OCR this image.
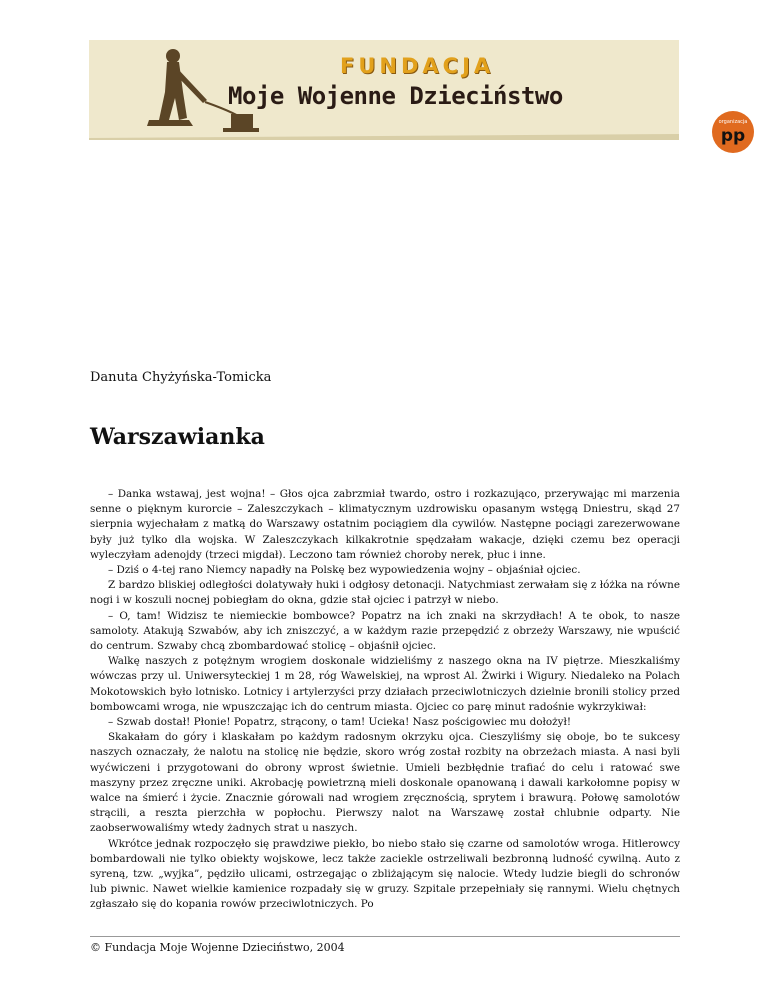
organizacja
pp
FUNDACJA
Moje Wojenne Dzieciństwo
Danuta Chyżyńska-Tomicka
Warszawianka

– Danka wstawaj, jest wojna! – Głos ojca zabrzmiał twardo, ostro i rozkazująco, przerywając mi marzenia senne o pięknym kurorcie – Zaleszczykach – klimatycznym uzdrowisku opasanym wstęgą Dniestru, skąd 27 sierpnia wyjechałam z matką do Warszawy ostatnim pociągiem dla cywilów. Następne pociągi zarezerwowane były już tylko dla wojska. W Zaleszczykach kilkakrotnie spędzałam wakacje, dzięki czemu bez operacji wyleczyłam adenojdy (trzeci migdał). Leczono tam również choroby nerek, płuc i inne.

– Dziś o 4-tej rano Niemcy napadły na Polskę bez wypowiedzenia wojny – objaśniał ojciec.

Z bardzo bliskiej odległości dolatywały huki i odgłosy detonacji. Natychmiast zerwałam się z łóżka na równe nogi i w koszuli nocnej pobiegłam do okna, gdzie stał ojciec i patrzył w niebo.

– O, tam! Widzisz te niemieckie bombowce? Popatrz na ich znaki na skrzydłach! A te obok, to nasze samoloty. Atakują Szwabów, aby ich zniszczyć, a w każdym razie przepędzić z obrzeży Warszawy, nie wpuścić do centrum. Szwaby chcą zbombardować stolicę – objaśnił ojciec.

Walkę naszych z potężnym wrogiem doskonale widzieliśmy z naszego okna na IV piętrze. Mieszkaliśmy wówczas przy ul. Uniwersyteckiej 1 m 28, róg Wawelskiej, na wprost Al. Żwirki i Wigury. Niedaleko na Polach Mokotowskich było lotnisko. Lotnicy i artylerzyści przy działach przeciwlotniczych dzielnie bronili stolicy przed bombowcami wroga, nie wpuszczając ich do centrum miasta. Ojciec co parę minut radośnie wykrzykiwał:

– Szwab dostał! Płonie! Popatrz, strącony, o tam! Ucieka! Nasz pościgowiec mu dołożył!

Skakałam do góry i klaskałam po każdym radosnym okrzyku ojca. Cieszyliśmy się oboje, bo te sukcesy naszych oznaczały, że nalotu na stolicę nie będzie, skoro wróg został rozbity na obrzeżach miasta. A nasi byli wyćwiczeni i przygotowani do obrony wprost świetnie. Umieli bezbłędnie trafiać do celu i ratować swe maszyny przez zręczne uniki. Akrobację powietrzną mieli doskonale opanowaną i dawali karkołomne popisy w walce na śmierć i życie. Znacznie górowali nad wrogiem zręcznością, sprytem i brawurą. Połowę samolotów strącili, a reszta pierzchła w popłochu. Pierwszy nalot na Warszawę został chlubnie odparty. Nie zaobserwowaliśmy wtedy żadnych strat u naszych.

Wkrótce jednak rozpoczęło się prawdziwe piekło, bo niebo stało się czarne od samolotów wroga. Hitlerowcy bombardowali nie tylko obiekty wojskowe, lecz także zaciekle ostrzeliwali bezbronną ludność cywilną. Auto z syreną, tzw. „wyjka”, pędziło ulicami, ostrzegając o zbliżającym się nalocie. Wtedy ludzie biegli do schronów lub piwnic. Nawet wielkie kamienice rozpadały się w gruzy. Szpitale przepełniały się rannymi. Wielu chętnych zgłaszało się do kopania rowów przeciwlotniczych. Po

© Fundacja Moje Wojenne Dzieciństwo, 2004
